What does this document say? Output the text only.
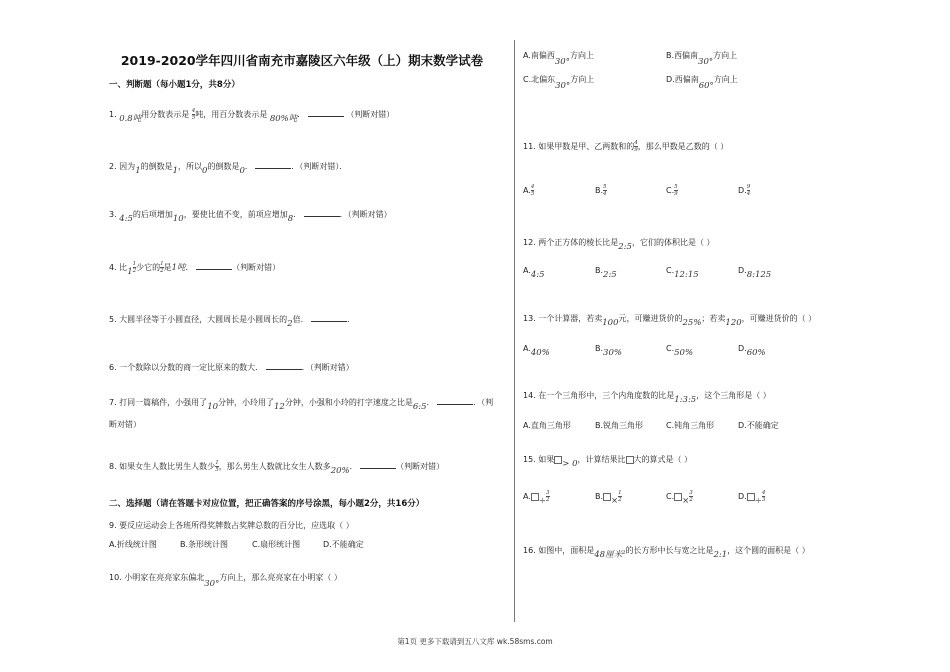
2019-2020学年四川省南充市嘉陵区六年级（上）期末数学试卷
一、判断题（每小题1分，共8分）
1. 0.8吨用分数表示是 $\frac{4}{5}$ 吨，用百分数表示是 80%吨．	（判断对错）
2. 因为1的倒数是1，所以0的倒数是0．	．（判断对错）．
3. 4:5的后项增加10，要使比值不变，前项应增加8．	．（判断对错）
4. 比$1 \frac{1}{2}$ 少它的 $\frac{1}{2}$ 是1吨．	（判断对错）
5. 大圆半径等于小圆直径，大圆周长是小圆周长的2倍．	．
6. 一个数除以分数的商一定比原来的数大．	．（判断对错）
7. 打同一篇稿件，小强用了10分钟，小玲用了12分钟，小强和小玲的打字速度之比是6:5．	．（判
断对错）
8. 如果女生人数比男生人数少 $\frac{1}{5}$ ，那么男生人数就比女生人数多20%．	（判断对错）
二、选择题（请在答题卡对应位置，把正确答案的序号涂黑，每小题2分，共16分）
9. 要反应运动会上各班所得奖牌数占奖牌总数的百分比，应选取（ ）
A.折线统计图	B.条形统计图	C.扇形统计图	D.不能确定
10. 小明家在亮亮家东偏北30°方向上，那么亮亮家在小明家（ ）
A.南偏西30°方向上	B.西偏南30°方向上
C.北偏东30°方向上	D.西偏南60°方向上
11. 如果甲数是甲、乙两数和的 $\frac{4}{9}$ ，那么甲数是乙数的（ ）
A. $\frac{4}{5}$	B. $\frac{5}{4}$	C. $\frac{5}{9}$	D. $\frac{9}{4}$
12. 两个正方体的棱长比是2:5，它们的体积比是（ ）
A.4:5	B.2:5	C.12:15	D.8:125
13. 一个计算器，若卖100元，可赚进货价的25%；若卖120，可赚进货价的（ ）
A.40%	B.30%	C.50%	D.60%
14. 在一个三角形中，三个内角度数的比是1:3:5，这个三角形是（ ）
A.直角三角形	B.锐角三角形	C.钝角三角形	D.不能确定
15. 如果 > 0，计算结果比 大的算式是（ ）
A. ÷ $\frac{3}{2}$	B. × $\frac{1}{2}$	C. × $\frac{3}{2}$	D. ÷ $\frac{4}{3}$
16. 如图中，面积是48厘米²的长方形中长与宽之比是2:1，这个圆的面积是（ ）
第1页 更多下载请到五八文库 wk.58sms.com
